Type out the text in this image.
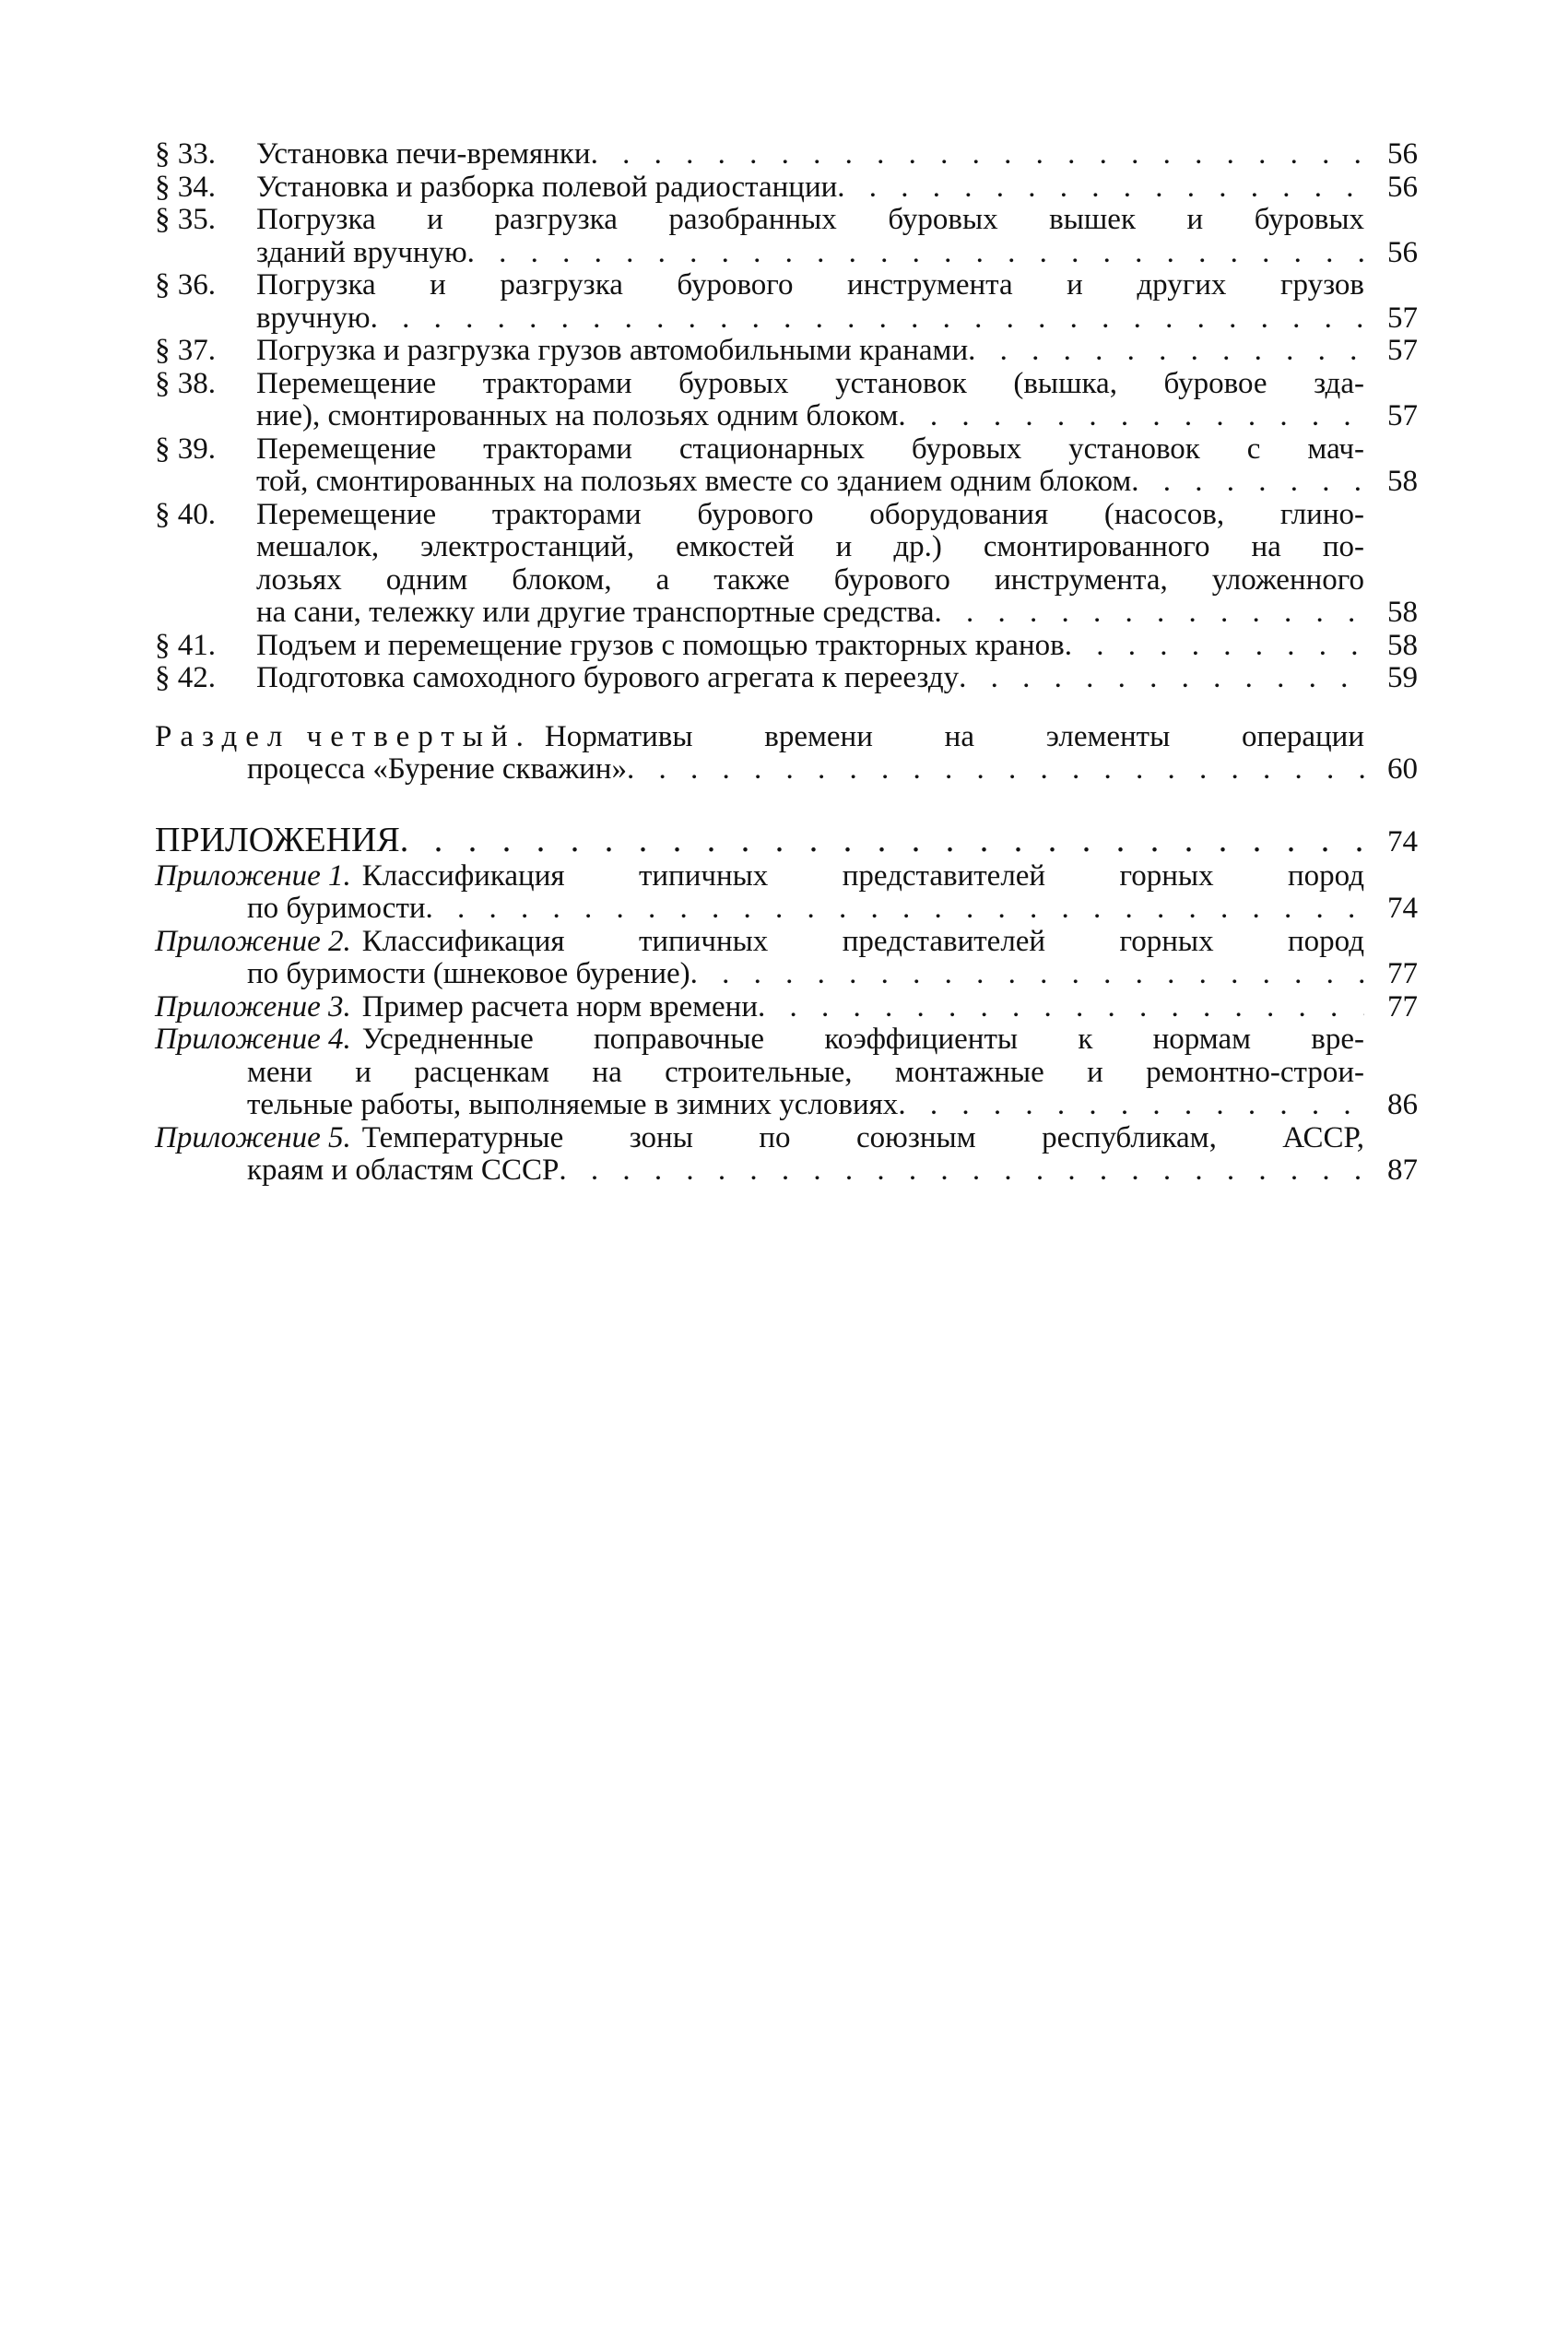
§ 33.	Установка печи-времянки . . .	56
§ 34.	Установка и разборка полевой радиостанции . . .	56
§ 35.	Погрузка и разгрузка разобранных буровых вышек и буровых
зданий вручную . . .	56
§ 36.	Погрузка и разгрузка бурового инструмента и других грузов
вручную . . .	57
§ 37.	Погрузка и разгрузка грузов автомобильными кранами . . .	57
§ 38.	Перемещение тракторами буровых установок (вышка, буровое зда-
ние), смонтированных на полозьях одним блоком . . .	57
§ 39.	Перемещение тракторами стационарных буровых установок с мач-
той, смонтированных на полозьях вместе со зданием одним блоком . . .	58
§ 40.	Перемещение тракторами бурового оборудования (насосов, глино-
мешалок, электростанций, емкостей и др.) смонтированного на по-
лозьях одним блоком, а также бурового инструмента, уложенного
на сани, тележку или другие транспортные средства . . .	58
§ 41.	Подъем и перемещение грузов с помощью тракторных кранов . . .	58
§ 42.	Подготовка самоходного бурового агрегата к переезду . . .	59
Раздел четвертый. Нормативы времени на элементы операции
процесса «Бурение скважин» . . .	60
ПРИЛОЖЕНИЯ . . .	74
Приложение 1. Классификация типичных представителей горных пород
по буримости . . .	74
Приложение 2. Классификация типичных представителей горных пород
по буримости (шнековое бурение) . . .	77
Приложение 3. Пример расчета норм времени . . .	77
Приложение 4. Усредненные поправочные коэффициенты к нормам вре-
мени и расценкам на строительные, монтажные и ремонтно-строи-
тельные работы, выполняемые в зимних условиях . . .	86
Приложение 5. Температурные зоны по союзным республикам, АССР,
краям и областям СССР . . .	87
